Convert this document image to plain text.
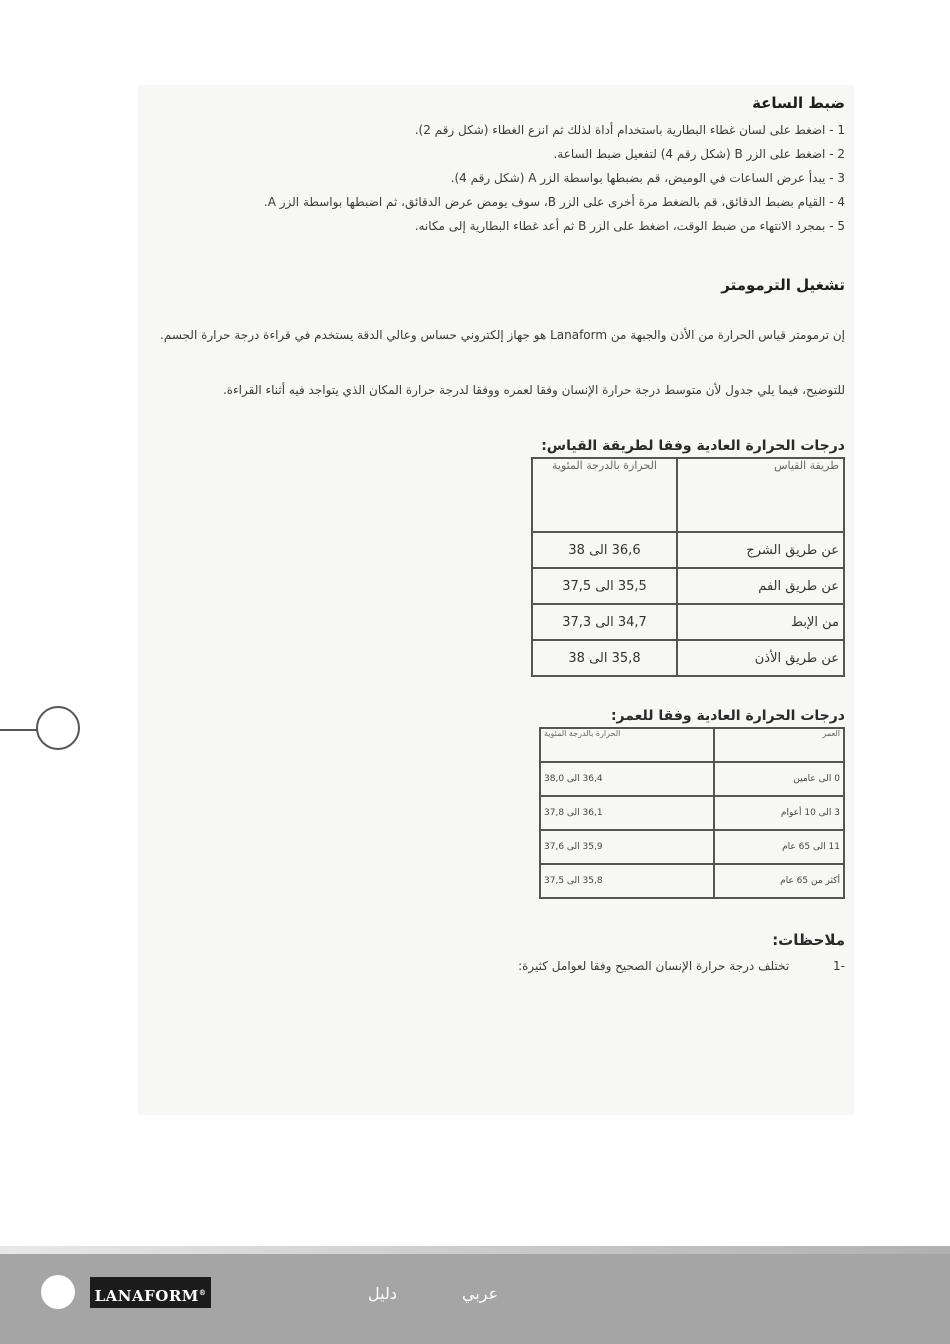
ضبط الساعة
1 - اضغط على لسان غطاء البطارية باستخدام أداة لذلك ثم انزع الغطاء (شكل رقم 2).
2 - اضغط على الزر B (شكل رقم 4) لتفعيل ضبط الساعة.
3 - يبدأ عرض الساعات في الوميض، قم بضبطها بواسطة الزر A (شكل رقم 4).
4 - القيام بضبط الدقائق، قم بالضغط مرة أخرى على الزر B، سوف يومض عرض الدقائق، ثم اضبطها بواسطة الزر A.
5 - بمجرد الانتهاء من ضبط الوقت، اضغط على الزر B ثم أعد غطاء البطارية إلى مكانه.
تشغيل الترمومتر

إن ترمومتر قياس الحرارة من الأذن والجبهة من Lanaform هو جهاز إلكتروني حساس وعالي الدقة يستخدم في قراءة درجة حرارة الجسم.

للتوضيح، فيما يلي جدول لأن متوسط درجة حرارة الإنسان وفقا لعمره ووفقا لدرجة حرارة المكان الذي يتواجد فيه أثناء القراءة.

درجات الحرارة العادية وفقا لطريقة القياس:
طريقة القياس	الحرارة بالدرجة المئوية
عن طريق الشرج	36,6 الى 38
عن طريق الفم	35,5 الى 37,5
من الإبط	34,7 الى 37,3
عن طريق الأذن	35,8 الى 38
درجات الحرارة العادية وفقا للعمر:
العمر	الحرارة بالدرجة المئوية
0 الى عامين	36,4 الى 38,0
3 الى 10 أعوام	36,1 الى 37,8
11 الى 65 عام	35,9 الى 37,6
أكثر من 65 عام	35,8 الى 37,5
ملاحظات:
-1 تختلف درجة حرارة الإنسان الصحيح وفقا لعوامل كثيرة:
LANAFORM®	دليل	عربي
